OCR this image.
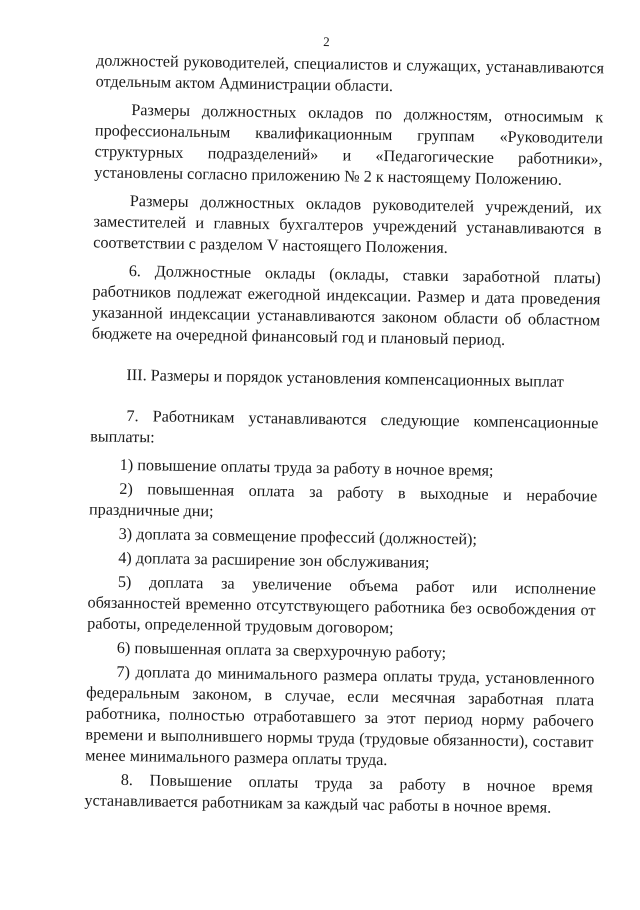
2

должностей руководителей, специалистов и служащих, устанавливаются отдельным актом Администрации области.

Размеры должностных окладов по должностям, относимым к профессиональным квалификационным группам «Руководители структурных подразделений» и «Педагогические работники», установлены согласно приложению № 2 к настоящему Положению.

Размеры должностных окладов руководителей учреждений, их заместителей и главных бухгалтеров учреждений устанавливаются в соответствии с разделом V настоящего Положения.

6. Должностные оклады (оклады, ставки заработной платы) работников подлежат ежегодной индексации. Размер и дата проведения указанной индексации устанавливаются законом области об областном бюджете на очередной финансовый год и плановый период.

III. Размеры и порядок установления компенсационных выплат

7. Работникам устанавливаются следующие компенсационные выплаты:

1) повышение оплаты труда за работу в ночное время;

2) повышенная оплата за работу в выходные и нерабочие праздничные дни;

3) доплата за совмещение профессий (должностей);

4) доплата за расширение зон обслуживания;

5) доплата за увеличение объема работ или исполнение обязанностей временно отсутствующего работника без освобождения от работы, определенной трудовым договором;

6) повышенная оплата за сверхурочную работу;

7) доплата до минимального размера оплаты труда, установленного федеральным законом, в случае, если месячная заработная плата работника, полностью отработавшего за этот период норму рабочего времени и выполнившего нормы труда (трудовые обязанности), составит менее минимального размера оплаты труда.

8. Повышение оплаты труда за работу в ночное время устанавливается работникам за каждый час работы в ночное время.
